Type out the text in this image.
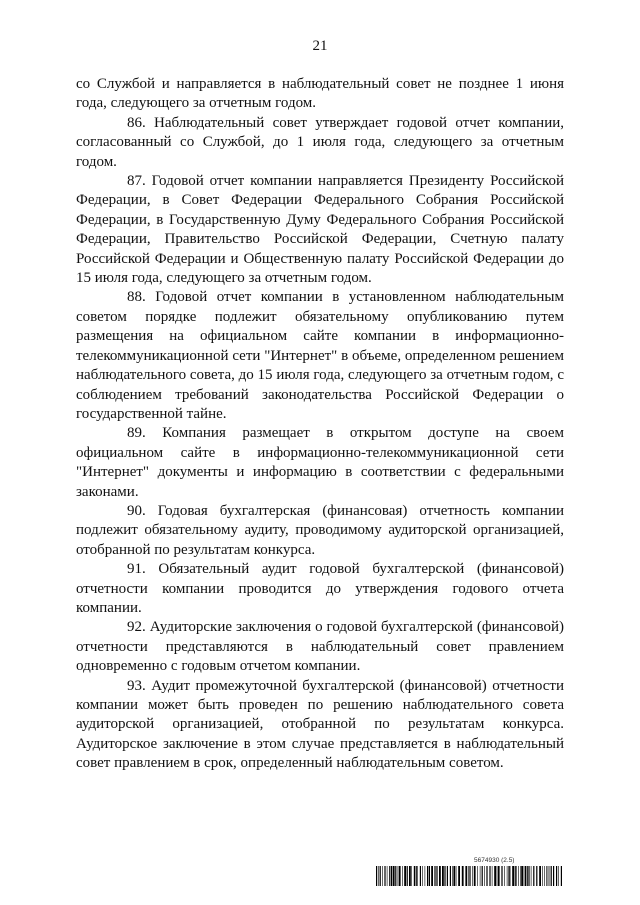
21

со Службой и направляется в наблюдательный совет не позднее 1 июня года, следующего за отчетным годом.

86. Наблюдательный совет утверждает годовой отчет компании, согласованный со Службой, до 1 июля года, следующего за отчетным годом.

87. Годовой отчет компании направляется Президенту Российской Федерации, в Совет Федерации Федерального Собрания Российской Федерации, в Государственную Думу Федерального Собрания Российской Федерации, Правительство Российской Федерации, Счетную палату Российской Федерации и Общественную палату Российской Федерации до 15 июля года, следующего за отчетным годом.

88. Годовой отчет компании в установленном наблюдательным советом порядке подлежит обязательному опубликованию путем размещения на официальном сайте компании в информационно-телекоммуникационной сети "Интернет" в объеме, определенном решением наблюдательного совета, до 15 июля года, следующего за отчетным годом, с соблюдением требований законодательства Российской Федерации о государственной тайне.

89. Компания размещает в открытом доступе на своем официальном сайте в информационно-телекоммуникационной сети "Интернет" документы и информацию в соответствии с федеральными законами.

90. Годовая бухгалтерская (финансовая) отчетность компании подлежит обязательному аудиту, проводимому аудиторской организацией, отобранной по результатам конкурса.

91. Обязательный аудит годовой бухгалтерской (финансовой) отчетности компании проводится до утверждения годового отчета компании.

92. Аудиторские заключения о годовой бухгалтерской (финансовой) отчетности представляются в наблюдательный совет правлением одновременно с годовым отчетом компании.

93. Аудит промежуточной бухгалтерской (финансовой) отчетности компании может быть проведен по решению наблюдательного совета аудиторской организацией, отобранной по результатам конкурса. Аудиторское заключение в этом случае представляется в наблюдательный совет правлением в срок, определенный наблюдательным советом.

5674930 (2.5)
